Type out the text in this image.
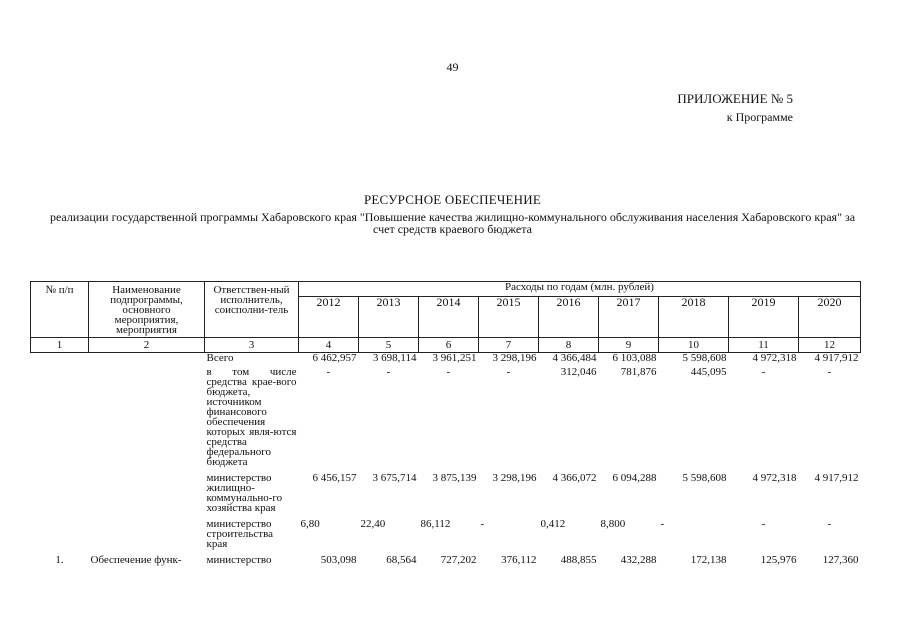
49
ПРИЛОЖЕНИЕ № 5
к Программе
РЕСУРСНОЕ ОБЕСПЕЧЕНИЕ
реализации государственной программы Хабаровского края "Повышение качества жилищно-коммунального обслуживания населения Хабаровского края" за счет средств краевого бюджета
№ п/п	Наименование подпрограммы, основного мероприятия, мероприятия	Ответствен-ный исполнитель, соисполни-тель	Расходы по годам (млн. рублей)								
			2012	2013	2014	2015	2016	2017	2018	2019	2020
1	2	3	4	5	6	7	8	9	10	11	12
		Всего	6 462,957	3 698,114	3 961,251	3 298,196	4 366,484	6 103,088	5 598,608	4 972,318	4 917,912
		в том числе средства крае-вого бюджета, источником финансового обеспечения которых явля-ются средства федерального бюджета	-	-	-	-	312,046	781,876	445,095	-	-
		министерство жилищно-коммунально-го хозяйства края	6 456,157	3 675,714	3 875,139	3 298,196	4 366,072	6 094,288	5 598,608	4 972,318	4 917,912
		министерство строительства края	6,80	22,40	86,112	-	0,412	8,800	-	-	-
1.	Обеспечение функ-	министерство	503,098	68,564	727,202	376,112	488,855	432,288	172,138	125,976	127,360
